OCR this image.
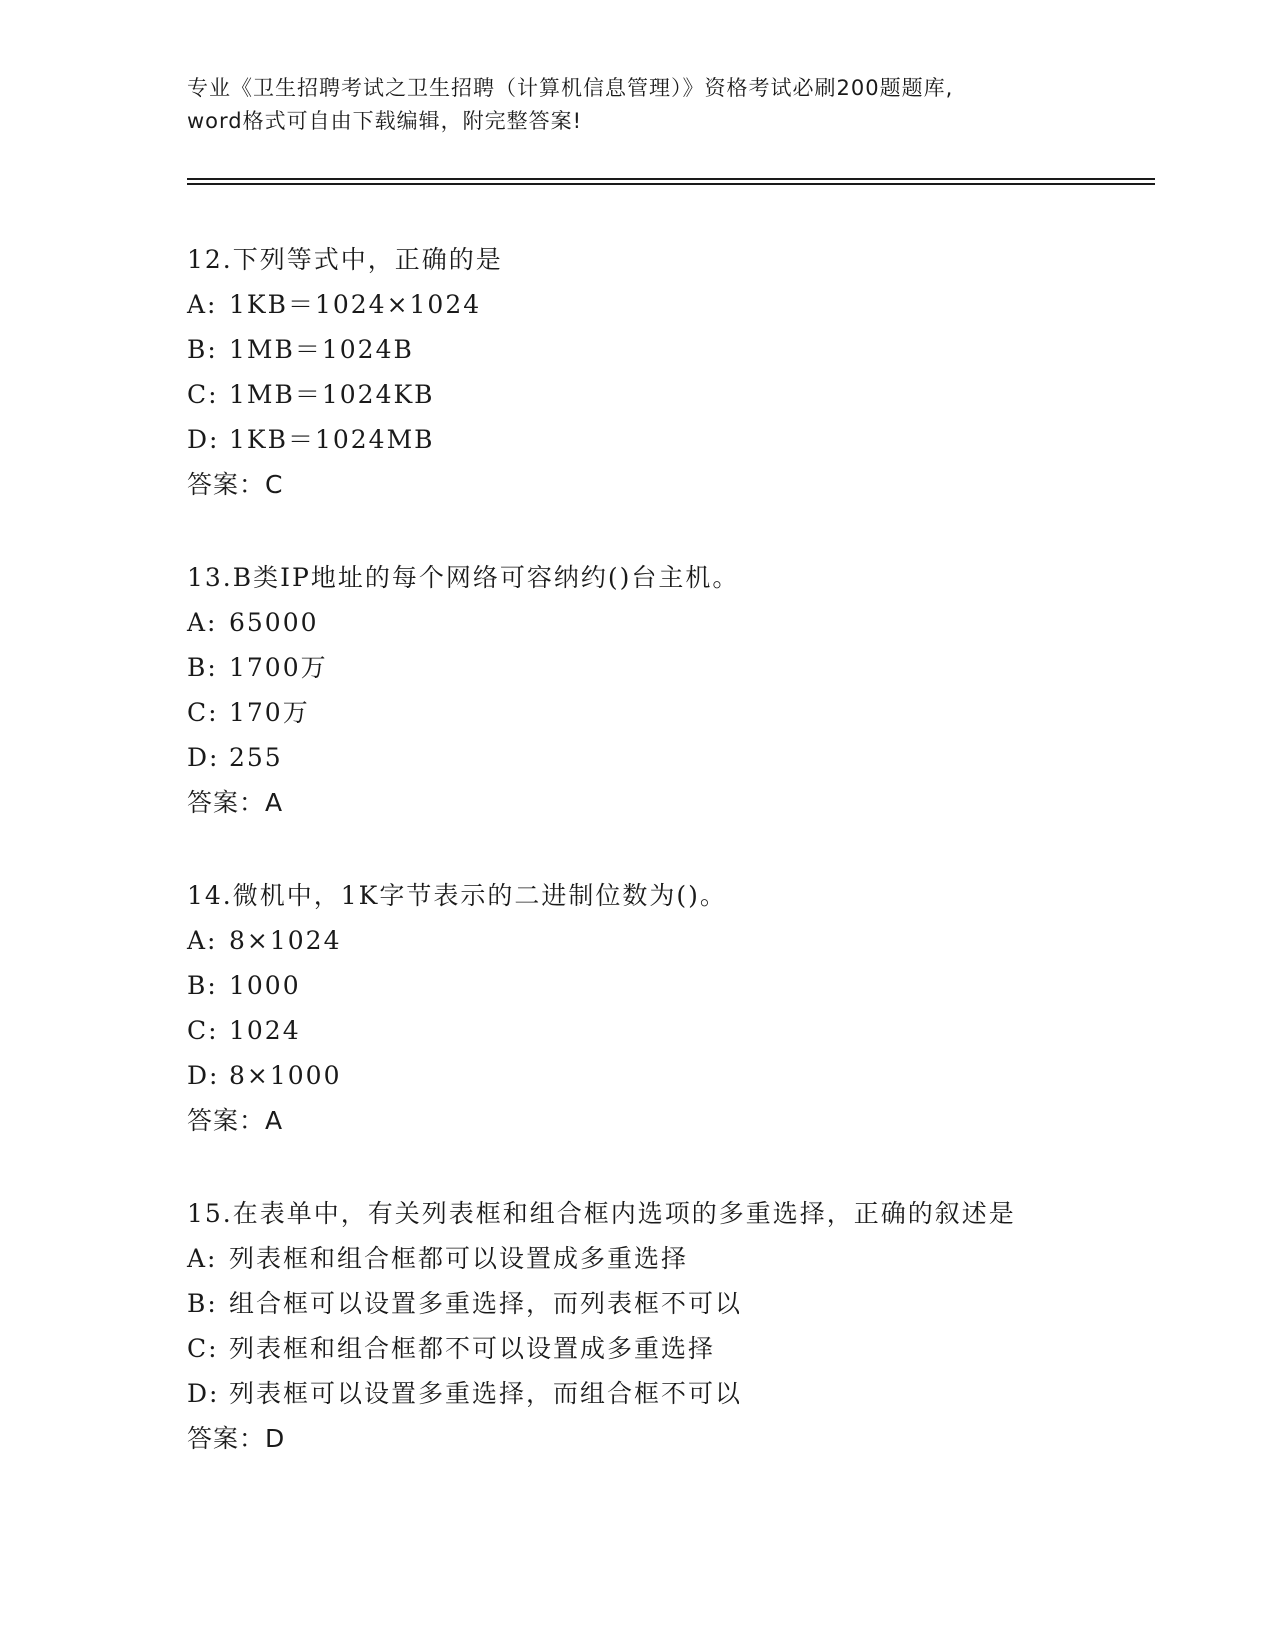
专业《卫生招聘考试之卫生招聘（计算机信息管理）》资格考试必刷200题题库,
word格式可自由下载编辑，附完整答案!
12.下列等式中，正确的是
A: 1KB＝1024×1024
B: 1MB＝1024B
C: 1MB＝1024KB
D: 1KB＝1024MB
答案：C
13.B类IP地址的每个网络可容纳约()台主机。
A: 65000
B: 1700万
C: 170万
D: 255
答案：A
14.微机中，1K字节表示的二进制位数为()。
A: 8×1024
B: 1000
C: 1024
D: 8×1000
答案：A
15.在表单中，有关列表框和组合框内选项的多重选择，正确的叙述是
A: 列表框和组合框都可以设置成多重选择
B: 组合框可以设置多重选择，而列表框不可以
C: 列表框和组合框都不可以设置成多重选择
D: 列表框可以设置多重选择，而组合框不可以
答案：D
